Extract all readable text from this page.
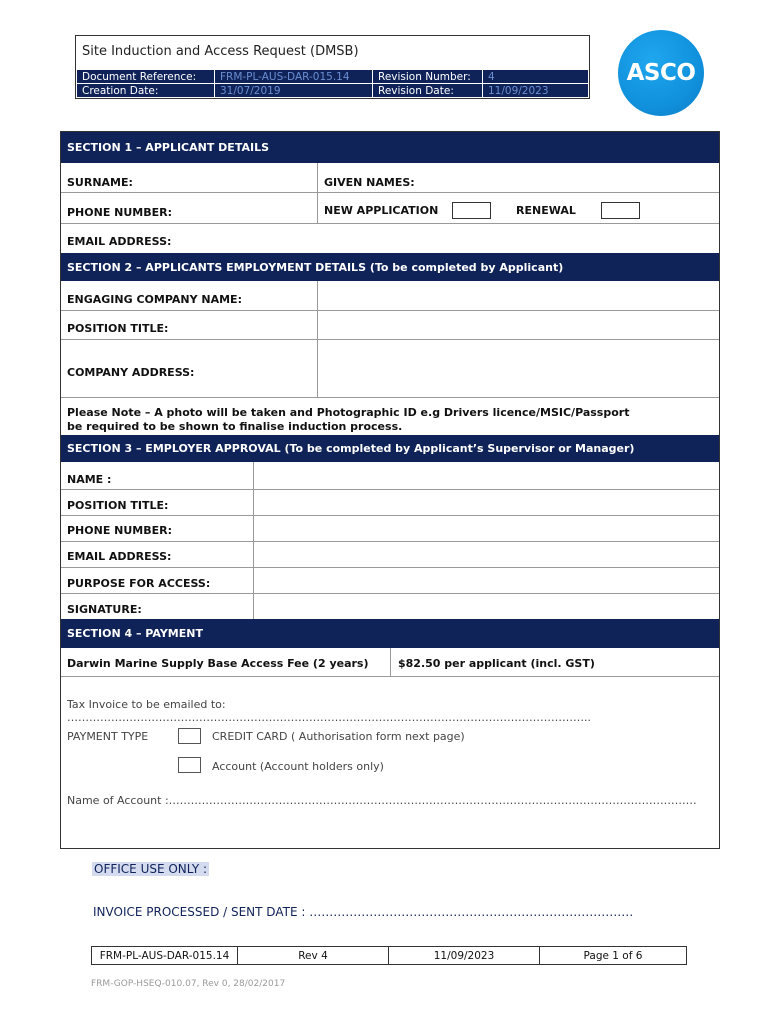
Site Induction and Access Request (DMSB)
Document Reference:	FRM-PL-AUS-DAR-015.14	Revision Number:	4
Creation Date:	31/07/2019	Revision Date:	11/09/2023
ASCO
SECTION 1 – APPLICANT DETAILS
SURNAME:	GIVEN NAMES:
PHONE NUMBER:	NEW APPLICATION	RENEWAL
EMAIL ADDRESS:
SECTION 2 – APPLICANTS EMPLOYMENT DETAILS (To be completed by Applicant)
ENGAGING COMPANY NAME:
POSITION TITLE:
COMPANY ADDRESS:
Please Note – A photo will be taken and Photographic ID e.g Drivers licence/MSIC/Passport
be required to be shown to finalise induction process.
SECTION 3 – EMPLOYER APPROVAL (To be completed by Applicant’s Supervisor or Manager)
NAME :
POSITION TITLE:
PHONE NUMBER:
EMAIL ADDRESS:
PURPOSE FOR ACCESS:
SIGNATURE:
SECTION 4 – PAYMENT
Darwin Marine Supply Base Access Fee (2 years)	$82.50 per applicant (incl. GST)
Tax Invoice to be emailed to: ……………………………………………………………………………………………………………………………..
PAYMENT TYPE	CREDIT CARD ( Authorisation form next page)
Account (Account holders only)
Name of Account :………………………………………………………………………………………………………………………………
OFFICE USE ONLY :
INVOICE PROCESSED / SENT DATE : ………………………………………………………………………
FRM-PL-AUS-DAR-015.14	Rev 4	11/09/2023	Page 1 of 6
FRM-GOP-HSEQ-010.07, Rev 0, 28/02/2017
